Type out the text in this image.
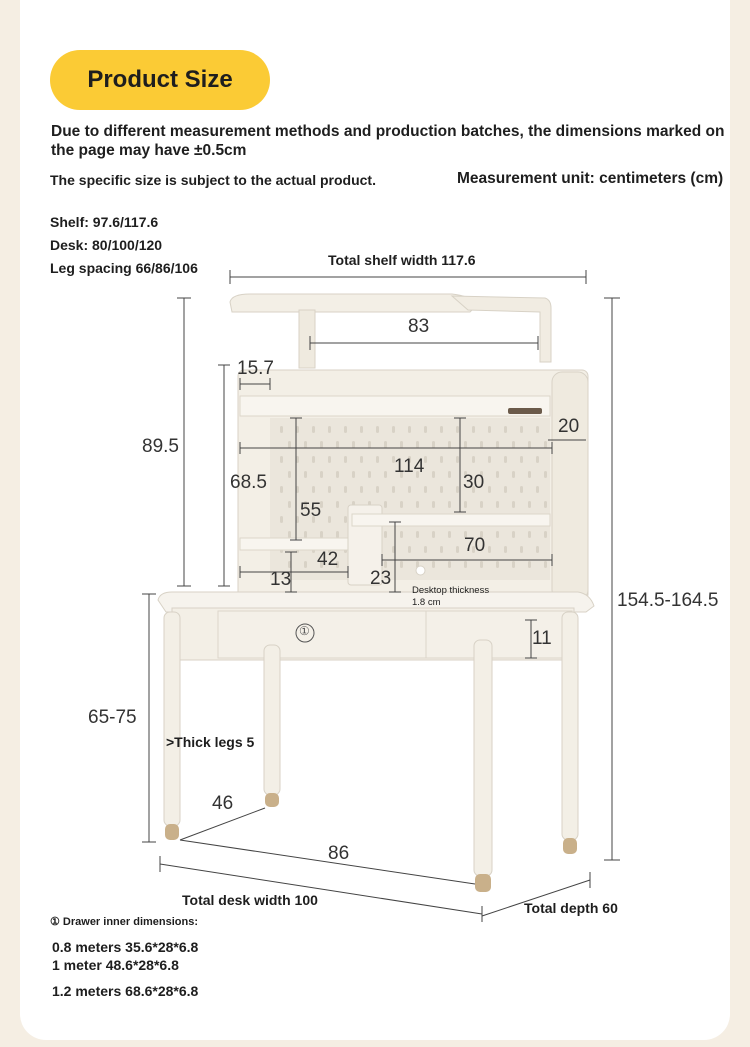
Product Size
Due to different measurement methods and production batches, the dimensions marked on the page may have ±0.5cm
The specific size is subject to the actual product.	Measurement unit: centimeters (cm)
Shelf: 97.6/117.6
Desk: 80/100/120
Leg spacing 66/86/106	Total shelf width 117.6
83
15.7
20
89.5
114
68.5	30
55
42
70
13	23
Desktop thickness
1.8 cm
①	11
154.5-164.5
65-75
>Thick legs 5
46
86
Total desk width 100	Total depth 60
① Drawer inner dimensions:
0.8 meters 35.6*28*6.8
1 meter 48.6*28*6.8
1.2 meters 68.6*28*6.8
